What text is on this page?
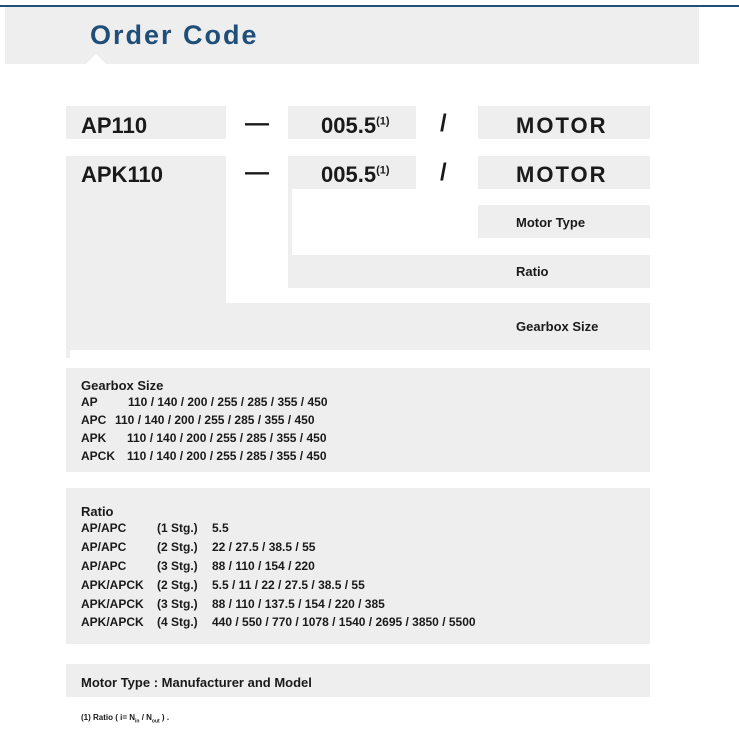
Order Code
AP110	— 005.5$^{(1)}$ /	MOTOR
APK110	— 005.5$^{(1)}$ /	MOTOR
Motor Type
Ratio
Gearbox Size
Gearbox Size
AP	110 / 140 / 200 / 255 / 285 / 355 / 450
APC 110 / 140 / 200 / 255 / 285 / 355 / 450
APK 110 / 140 / 200 / 255 / 285 / 355 / 450
APCK 110 / 140 / 200 / 255 / 285 / 355 / 450
Ratio
AP/APC	(1 Stg.) 5.5
AP/APC	(2 Stg.) 22 / 27.5 / 38.5 / 55
AP/APC	(3 Stg.) 88 / 110 / 154 / 220
APK/APCK (2 Stg.) 5.5 / 11 / 22 / 27.5 / 38.5 / 55
APK/APCK (3 Stg.) 88 / 110 / 137.5 / 154 / 220 / 385
APK/APCK (4 Stg.) 440 / 550 / 770 / 1078 / 1540 / 2695 / 3850 / 5500
Motor Type : Manufacturer and Model
(1) Ratio ( $i= N_{in} / N_{out}$ ) .
